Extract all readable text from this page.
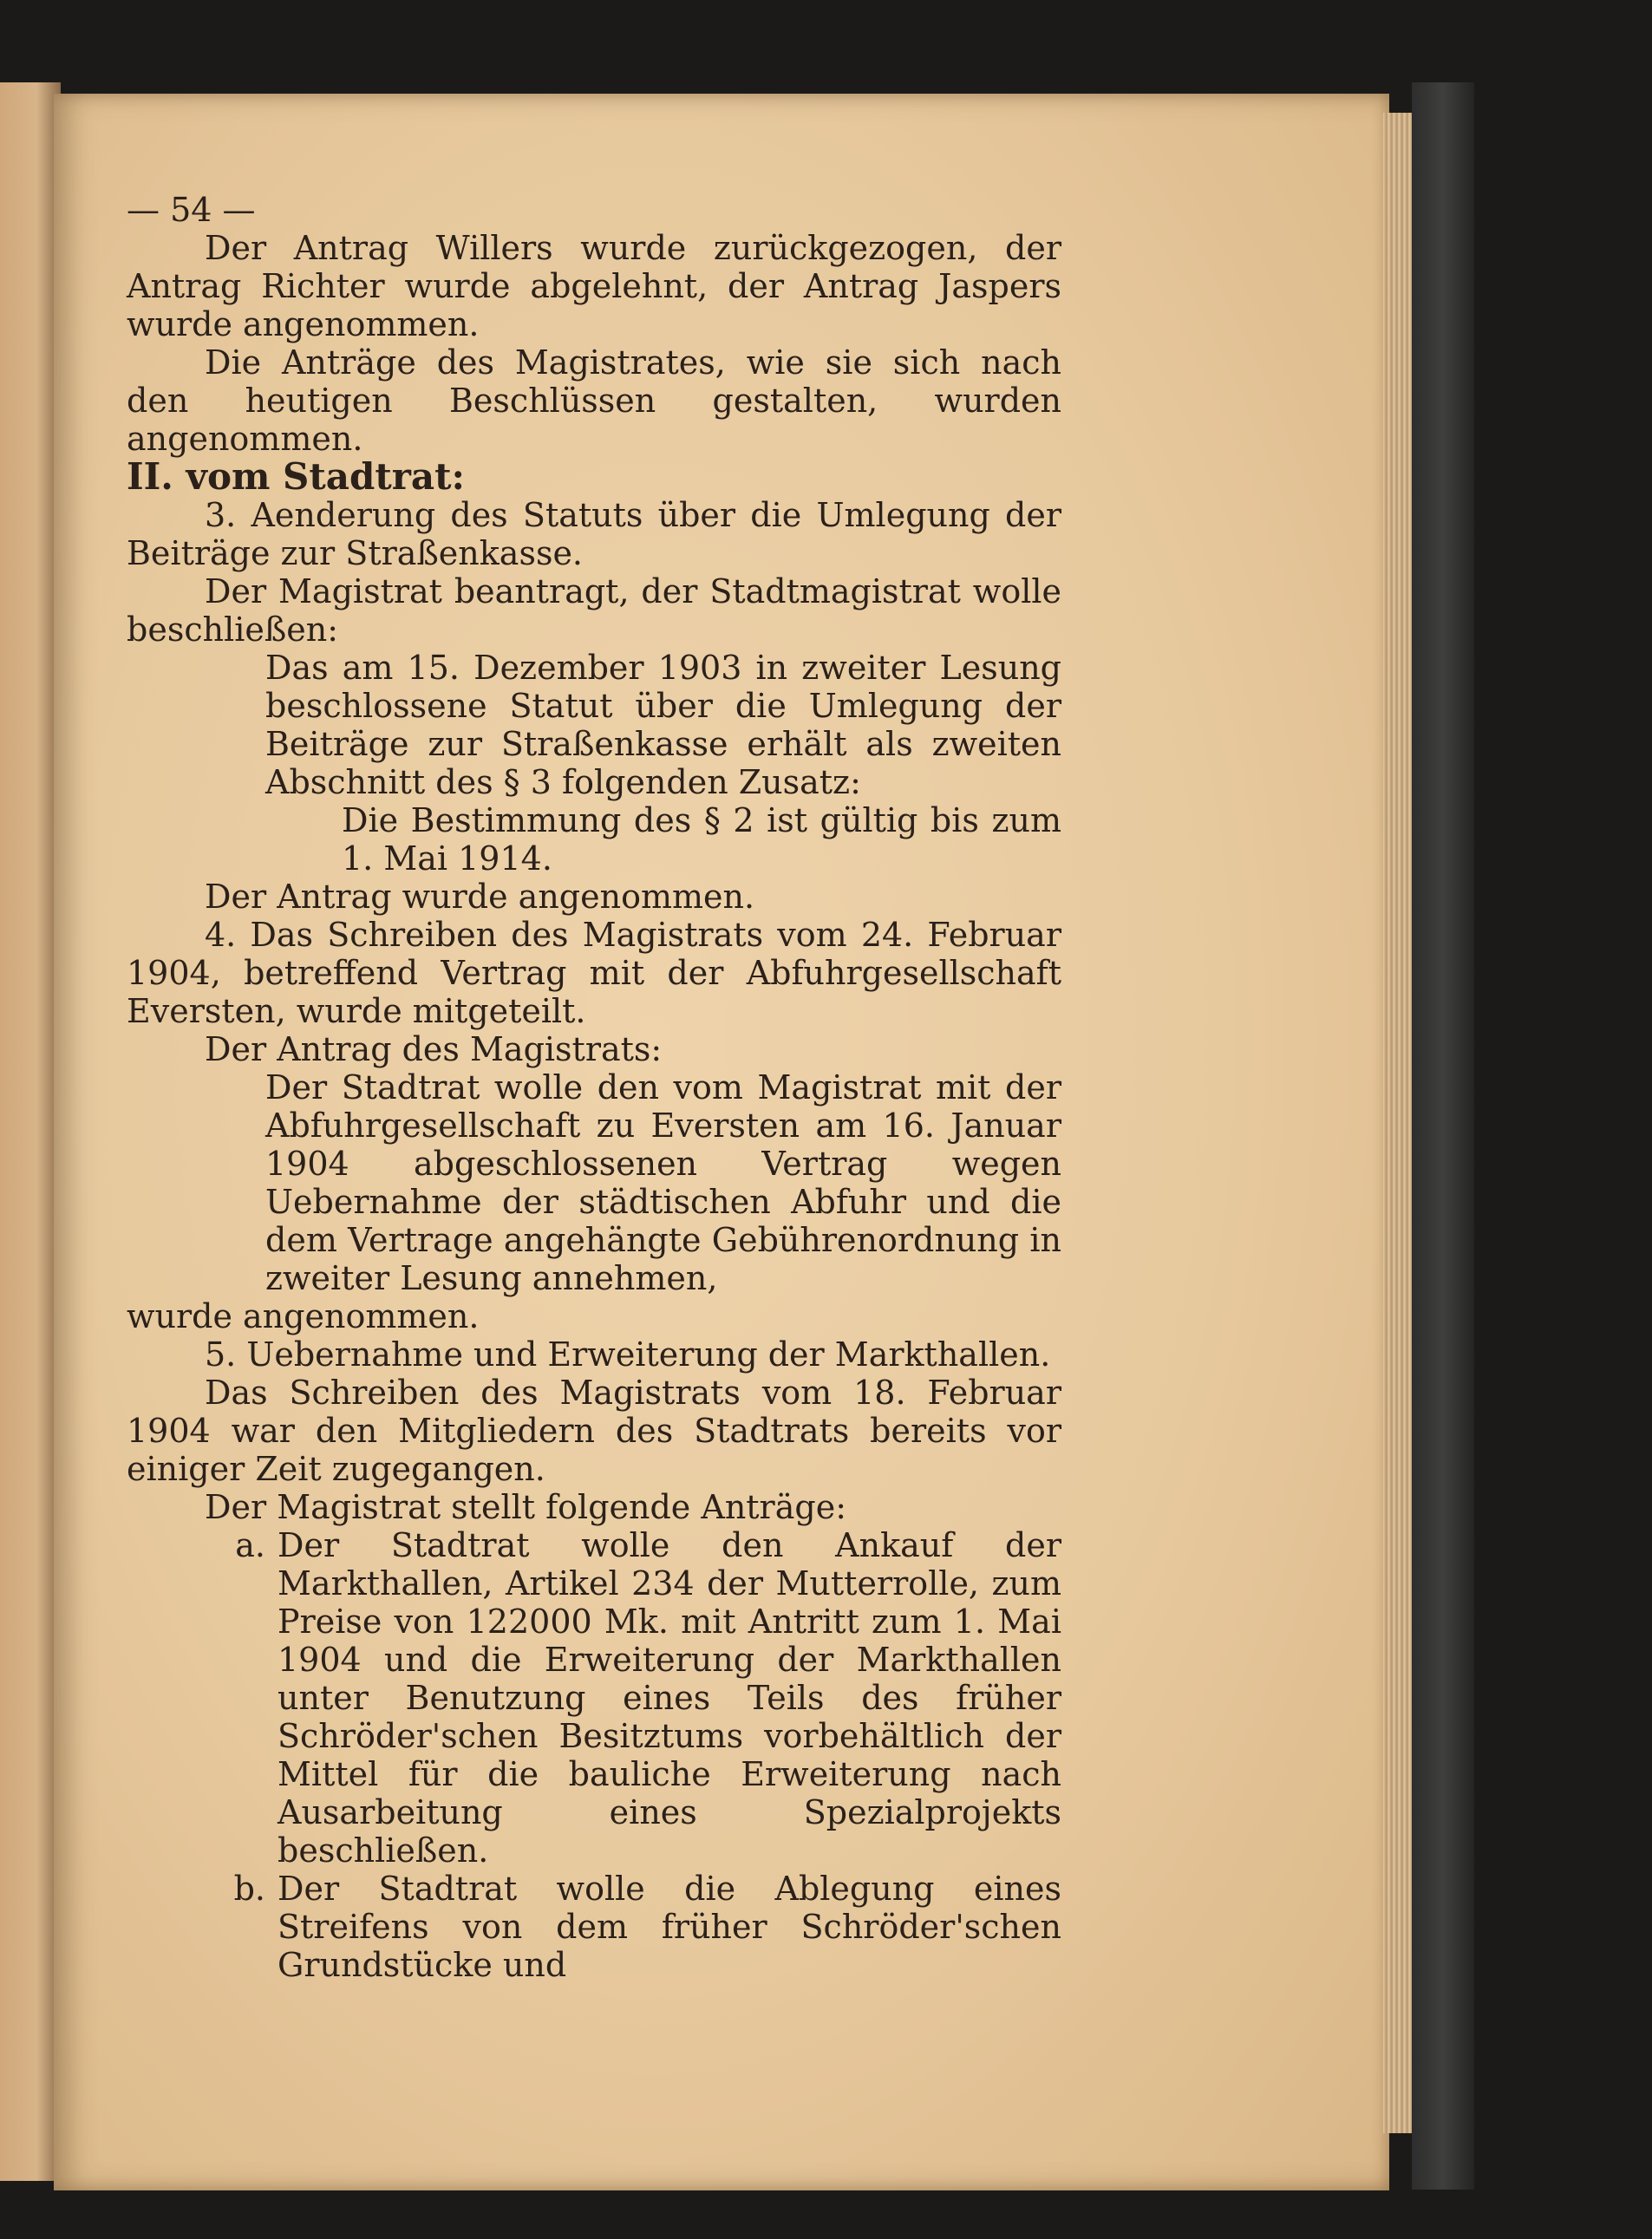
— 54 —

Der Antrag Willers wurde zurückgezogen, der Antrag Richter wurde abgelehnt, der Antrag Jaspers wurde angenommen.

Die Anträge des Magistrates, wie sie sich nach den heutigen Beschlüssen gestalten, wurden angenommen.

II. vom Stadtrat:

3. Aenderung des Statuts über die Umlegung der Beiträge zur Straßenkasse.

Der Magistrat beantragt, der Stadtmagistrat wolle beschließen:

Das am 15. Dezember 1903 in zweiter Lesung beschlossene Statut über die Umlegung der Beiträge zur Straßenkasse erhält als zweiten Abschnitt des § 3 folgenden Zusatz:

Die Bestimmung des § 2 ist gültig bis zum 1. Mai 1914.

Der Antrag wurde angenommen.

4. Das Schreiben des Magistrats vom 24. Februar 1904, betreffend Vertrag mit der Abfuhrgesellschaft Eversten, wurde mitgeteilt.

Der Antrag des Magistrats:

Der Stadtrat wolle den vom Magistrat mit der Abfuhrgesellschaft zu Eversten am 16. Januar 1904 abgeschlossenen Vertrag wegen Uebernahme der städtischen Abfuhr und die dem Vertrage angehängte Gebührenordnung in zweiter Lesung annehmen,

wurde angenommen.

5. Uebernahme und Erweiterung der Markthallen.

Das Schreiben des Magistrats vom 18. Februar 1904 war den Mitgliedern des Stadtrats bereits vor einiger Zeit zugegangen.

Der Magistrat stellt folgende Anträge:

a. Der Stadtrat wolle den Ankauf der Markthallen, Artikel 234 der Mutterrolle, zum Preise von 122000 Mk. mit Antritt zum 1. Mai 1904 und die Erweiterung der Markthallen unter Benutzung eines Teils des früher Schröder'schen Besitztums vorbehältlich der Mittel für die bauliche Erweiterung nach Ausarbeitung eines Spezialprojekts beschließen.
b. Der Stadtrat wolle die Ablegung eines Streifens von dem früher Schröder'schen Grundstücke und
